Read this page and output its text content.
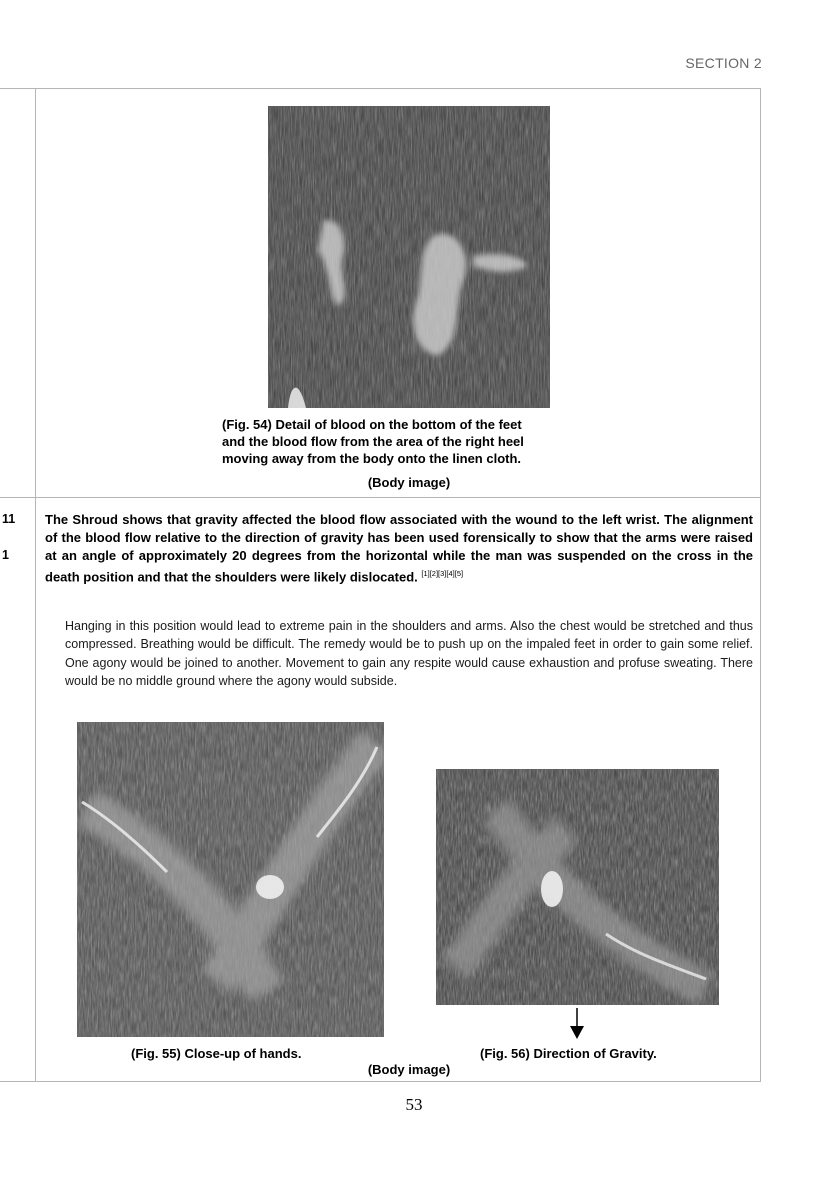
SECTION 2
(Fig. 54) Detail of blood on the bottom of the feet
and the blood flow from the area of the right heel
moving away from the body onto the linen cloth.
(Body image)
11
1
The Shroud shows that gravity affected the blood flow associated with the wound to the left wrist. The alignment of the blood flow relative to the direction of gravity has been used forensically to show that the arms were raised at an angle of approximately 20 degrees from the horizontal while the man was suspended on the cross in the death position and that the shoulders were likely dislocated. [1][2][3][4][5]
Hanging in this position would lead to extreme pain in the shoulders and arms. Also the chest would be stretched and thus compressed. Breathing would be difficult. The remedy would be to push up on the impaled feet in order to gain some relief. One agony would be joined to another. Movement to gain any respite would cause exhaustion and profuse sweating. There would be no middle ground where the agony would subside.
(Fig. 55) Close-up of hands.	(Fig. 56) Direction of Gravity.
(Body image)
53
